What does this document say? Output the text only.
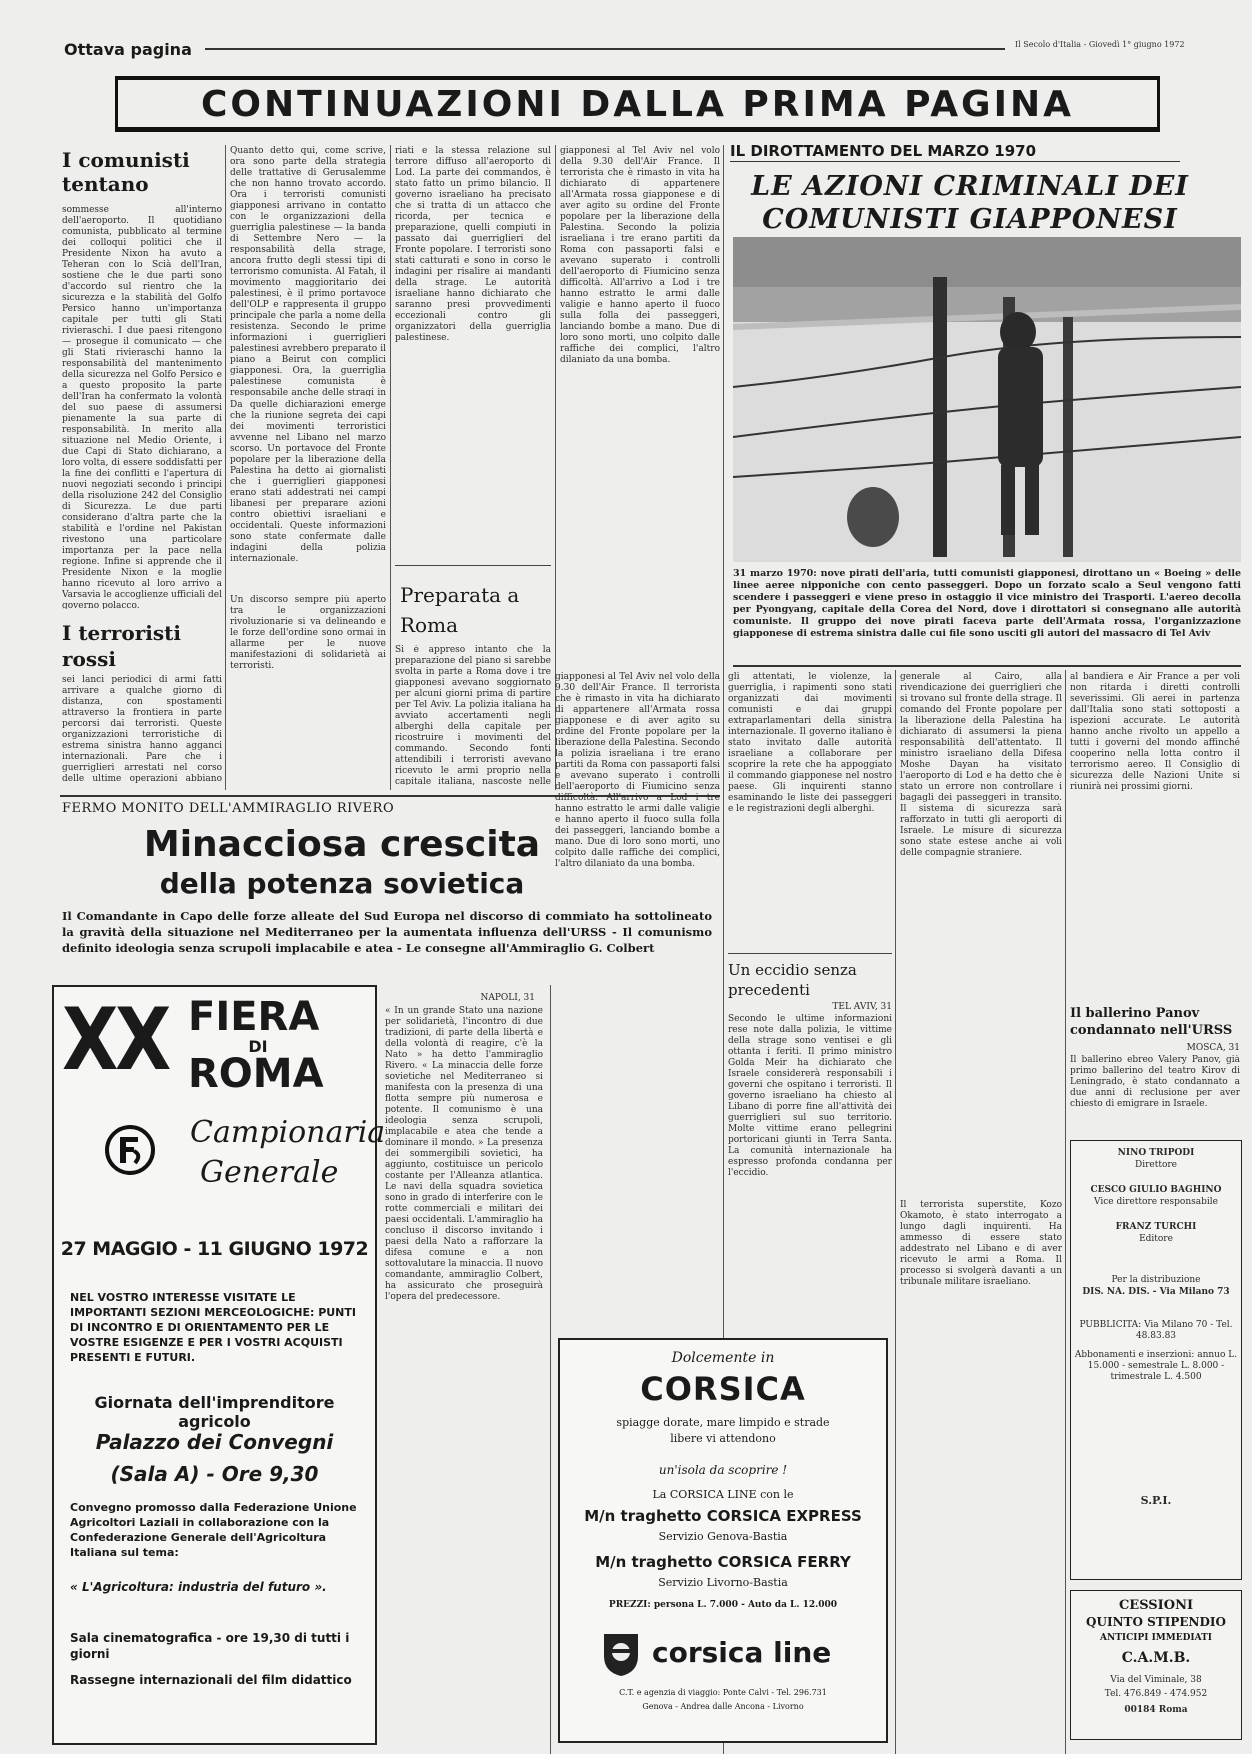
Ottava pagina	Il Secolo d'Italia - Giovedì 1° giugno 1972
CONTINUAZIONI DALLA PRIMA PAGINA
I comunisti tentano
sommesse all'interno dell'aeroporto. Il quotidiano comunista, pubblicato al termine dei colloqui politici che il Presidente Nixon ha avuto a Teheran con lo Scià dell'Iran, sostiene che le due parti sono d'accordo sul rientro che la sicurezza e la stabilità del Golfo Persico hanno un'importanza capitale per tutti gli Stati rivieraschi. I due paesi ritengono — prosegue il comunicato — che gli Stati rivieraschi hanno la responsabilità del mantenimento della sicurezza nel Golfo Persico e a questo proposito la parte dell'Iran ha confermato la volontà del suo paese di assumersi pienamente la sua parte di responsabilità. In merito alla situazione nel Medio Oriente, i due Capi di Stato dichiarano, a loro volta, di essere soddisfatti per la fine dei conflitti e l'apertura di nuovi negoziati secondo i principi della risoluzione 242 del Consiglio di Sicurezza. Le due parti considerano d'altra parte che la stabilità e l'ordine nel Pakistan rivestono una particolare importanza per la pace nella regione. Infine si apprende che il Presidente Nixon e la moglie hanno ricevuto al loro arrivo a Varsavia le accoglienze ufficiali del governo polacco.
I terroristi rossi
sei lanci periodici di armi fatti arrivare a qualche giorno di distanza, con spostamenti attraverso la frontiera in parte percorsi dai terroristi. Queste organizzazioni terroristiche di estrema sinistra hanno agganci internazionali. Pare che i guerriglieri arrestati nel corso delle ultime operazioni abbiano
Quanto detto qui, come scrive, ora sono parte della strategia delle trattative di Gerusalemme che non hanno trovato accordo. Ora i terroristi comunisti giapponesi arrivano in contatto con le organizzazioni della guerriglia palestinese — la banda di Settembre Nero — la responsabilità della strage, ancora frutto degli stessi tipi di terrorismo comunista. Al Fatah, il movimento maggioritario dei palestinesi, è il primo portavoce dell'OLP e rappresenta il gruppo principale che parla a nome della resistenza. Secondo le prime informazioni i guerriglieri palestinesi avrebbero preparato il piano a Beirut con complici giapponesi. Ora, la guerriglia palestinese comunista è responsabile anche delle stragi in
Da quelle dichiarazioni emerge che la riunione segreta dei capi dei movimenti terroristici avvenne nel Libano nel marzo scorso. Un portavoce del Fronte popolare per la liberazione della Palestina ha detto ai giornalisti che i guerriglieri giapponesi erano stati addestrati nei campi libanesi per preparare azioni contro obiettivi israeliani e occidentali. Queste informazioni sono state confermate dalle indagini della polizia internazionale.
Un discorso sempre più aperto tra le organizzazioni rivoluzionarie si va delineando e le forze dell'ordine sono ormai in allarme per le nuove manifestazioni di solidarietà ai terroristi.
riati e la stessa relazione sul terrore diffuso all'aeroporto di Lod. La parte dei commandos, è stato fatto un primo bilancio. Il governo israeliano ha precisato che si tratta di un attacco che ricorda, per tecnica e preparazione, quelli compiuti in passato dai guerriglieri del Fronte popolare. I terroristi sono stati catturati e sono in corso le indagini per risalire ai mandanti della strage. Le autorità israeliane hanno dichiarato che saranno presi provvedimenti eccezionali contro gli organizzatori della guerriglia palestinese.
Preparata a Roma
Si è appreso intanto che la preparazione del piano si sarebbe svolta in parte a Roma dove i tre giapponesi avevano soggiornato per alcuni giorni prima di partire per Tel Aviv. La polizia italiana ha avviato accertamenti negli alberghi della capitale per ricostruire i movimenti del commando. Secondo fonti attendibili i terroristi avevano ricevuto le armi proprio nella capitale italiana, nascoste nelle
giapponesi al Tel Aviv nel volo della 9.30 dell'Air France. Il terrorista che è rimasto in vita ha dichiarato di appartenere all'Armata rossa giapponese e di aver agito su ordine del Fronte popolare per la liberazione della Palestina. Secondo la polizia israeliana i tre erano partiti da Roma con passaporti falsi e avevano superato i controlli dell'aeroporto di Fiumicino senza difficoltà. All'arrivo a Lod i tre hanno estratto le armi dalle valigie e hanno aperto il fuoco sulla folla dei passeggeri, lanciando bombe a mano. Due di loro sono morti, uno colpito dalle raffiche dei complici, l'altro dilaniato da una bomba.
IL DIROTTAMENTO DEL MARZO 1970
LE AZIONI CRIMINALI DEI COMUNISTI GIAPPONESI
31 marzo 1970: nove pirati dell'aria, tutti comunisti giapponesi, dirottano un « Boeing » delle linee aeree nipponiche con cento passeggeri. Dopo un forzato scalo a Seul vengono fatti scendere i passeggeri e viene preso in ostaggio il vice ministro dei Trasporti. L'aereo decolla per Pyongyang, capitale della Corea del Nord, dove i dirottatori si consegnano alle autorità comuniste. Il gruppo dei nove pirati faceva parte dell'Armata rossa, l'organizzazione giapponese di estrema sinistra dalle cui file sono usciti gli autori del massacro di Tel Aviv
gli attentati, le violenze, la guerriglia, i rapimenti sono stati organizzati dai movimenti comunisti e dai gruppi extraparlamentari della sinistra internazionale. Il governo italiano è stato invitato dalle autorità israeliane a collaborare per scoprire la rete che ha appoggiato il commando giapponese nel nostro paese. Gli inquirenti stanno esaminando le liste dei passeggeri e le registrazioni degli alberghi.
Un eccidio senza precedenti
TEL AVIV, 31
Secondo le ultime informazioni rese note dalla polizia, le vittime della strage sono ventisei e gli ottanta i feriti. Il primo ministro Golda Meir ha dichiarato che Israele considererà responsabili i governi che ospitano i terroristi. Il governo israeliano ha chiesto al Libano di porre fine all'attività dei guerriglieri sul suo territorio. Molte vittime erano pellegrini portoricani giunti in Terra Santa. La comunità internazionale ha espresso profonda condanna per l'eccidio.
generale al Cairo, alla rivendicazione dei guerriglieri che si trovano sul fronte della strage. Il comando del Fronte popolare per la liberazione della Palestina ha dichiarato di assumersi la piena responsabilità dell'attentato. Il ministro israeliano della Difesa Moshe Dayan ha visitato l'aeroporto di Lod e ha detto che è stato un errore non controllare i bagagli dei passeggeri in transito. Il sistema di sicurezza sarà rafforzato in tutti gli aeroporti di Israele. Le misure di sicurezza sono state estese anche ai voli delle compagnie straniere.
Il terrorista superstite, Kozo Okamoto, è stato interrogato a lungo dagli inquirenti. Ha ammesso di essere stato addestrato nel Libano e di aver ricevuto le armi a Roma. Il processo si svolgerà davanti a un tribunale militare israeliano.
al bandiera e Air France a per voli non ritarda i diretti controlli severissimi. Gli aerei in partenza dall'Italia sono stati sottoposti a ispezioni accurate. Le autorità hanno anche rivolto un appello a tutti i governi del mondo affinché cooperino nella lotta contro il terrorismo aereo. Il Consiglio di sicurezza delle Nazioni Unite si riunirà nei prossimi giorni.
Il ballerino Panov condannato nell'URSS
MOSCA, 31
Il ballerino ebreo Valery Panov, già primo ballerino del teatro Kirov di Leningrado, è stato condannato a due anni di reclusione per aver chiesto di emigrare in Israele.
NINO TRIPODI
Direttore
CESCO GIULIO BAGHINO
Vice direttore responsabile
FRANZ TURCHI
Editore
Per la distribuzione
DIS. NA. DIS. - Via Milano 73
PUBBLICITÀ: Via Milano 70 - Tel. 48.83.83
S.P.I.
Abbonamenti e inserzioni: annuo L. 15.000 - semestrale L. 8.000 - trimestrale L. 4.500
CESSIONI
QUINTO STIPENDIO
ANTICIPI IMMEDIATI
C.A.M.B.
Via del Viminale, 38
Tel. 476.849 - 474.952
00184 Roma
FERMO MONITO DELL'AMMIRAGLIO RIVERO
Minacciosa crescita
della potenza sovietica
Il Comandante in Capo delle forze alleate del Sud Europa nel discorso di commiato ha sottolineato la gravità della situazione nel Mediterraneo per la aumentata influenza dell'URSS - Il comunismo definito ideologia senza scrupoli implacabile e atea - Le consegne all'Ammiraglio G. Colbert
NAPOLI, 31
« In un grande Stato una nazione per solidarietà, l'incontro di due tradizioni, di parte della libertà e della volontà di reagire, c'è la Nato » ha detto l'ammiraglio Rivero. « La minaccia delle forze sovietiche nel Mediterraneo si manifesta con la presenza di una flotta sempre più numerosa e potente. Il comunismo è una ideologia senza scrupoli, implacabile e atea che tende a dominare il mondo. » La presenza dei sommergibili sovietici, ha aggiunto, costituisce un pericolo costante per l'Alleanza atlantica. Le navi della squadra sovietica sono in grado di interferire con le rotte commerciali e militari dei paesi occidentali. L'ammiraglio ha concluso il discorso invitando i paesi della Nato a rafforzare la difesa comune e a non sottovalutare la minaccia. Il nuovo comandante, ammiraglio Colbert, ha assicurato che proseguirà l'opera del predecessore.
XX FIERA
DI
ROMA
Campionaria
Generale
27 MAGGIO - 11 GIUGNO 1972
NEL VOSTRO INTERESSE VISITATE LE IMPORTANTI SEZIONI MERCEOLOGICHE: PUNTI DI INCONTRO E DI ORIENTAMENTO PER LE VOSTRE ESIGENZE E PER I VOSTRI ACQUISTI PRESENTI E FUTURI.
Giornata dell'imprenditore agricolo
Palazzo dei Convegni
(Sala A) - Ore 9,30
Convegno promosso dalla Federazione Unione Agricoltori Laziali in collaborazione con la Confederazione Generale dell'Agricoltura Italiana sul tema:
« L'Agricoltura: industria del futuro ».
Sala cinematografica - ore 19,30 di tutti i giorni
Rassegne internazionali del film didattico
giapponesi al Tel Aviv nel volo della 9.30 dell'Air France. Il terrorista che è rimasto in vita ha dichiarato di appartenere all'Armata rossa giapponese e di aver agito su ordine del Fronte popolare per la liberazione della Palestina. Secondo la polizia israeliana i tre erano partiti da Roma con passaporti falsi e avevano superato i controlli dell'aeroporto di Fiumicino senza difficoltà. All'arrivo a Lod i tre hanno estratto le armi dalle valigie e hanno aperto il fuoco sulla folla dei passeggeri, lanciando bombe a mano. Due di loro sono morti, uno colpito dalle raffiche dei complici, l'altro dilaniato da una bomba.
Dolcemente in
CORSICA
spiagge dorate, mare limpido e strade libere vi attendono
un'isola da scoprire !
La CORSICA LINE con le
M/n traghetto CORSICA EXPRESS
Servizio Genova-Bastia
M/n traghetto CORSICA FERRY
Servizio Livorno-Bastia
PREZZI: persona L. 7.000 - Auto da L. 12.000
corsica line
C.T. e agenzia di viaggio: Ponte Calvi - Tel. 296.731
Genova - Andrea dalle Ancona - Livorno
